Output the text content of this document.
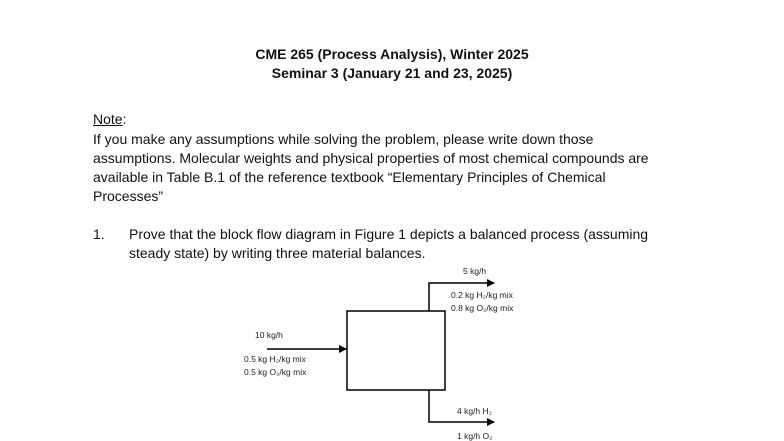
CME 265 (Process Analysis), Winter 2025
Seminar 3 (January 21 and 23, 2025)
Note:
If you make any assumptions while solving the problem, please write down those
assumptions. Molecular weights and physical properties of most chemical compounds are
available in Table B.1 of the reference textbook “Elementary Principles of Chemical
Processes”
1. Prove that the block flow diagram in Figure 1 depicts a balanced process (assuming
steady state) by writing three material balances.
10 kg/h
0.5 kg H₂/kg mix
0.5 kg O₂/kg mix
5 kg/h
0.2 kg H₂/kg mix
0.8 kg O₂/kg mix
4 kg/h H₂
1 kg/h O₂
